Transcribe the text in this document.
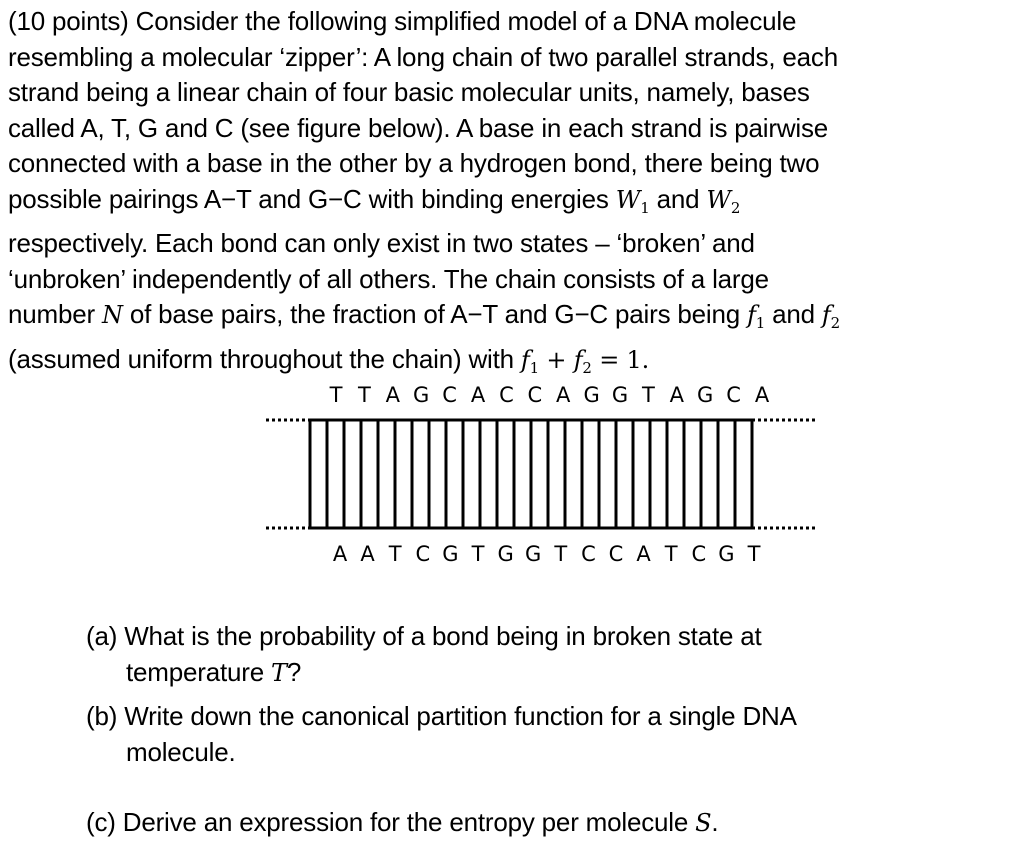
(10 points) Consider the following simplified model of a DNA molecule
resembling a molecular ‘zipper’: A long chain of two parallel strands, each
strand being a linear chain of four basic molecular units, namely, bases
called A, T, G and C (see figure below). A base in each strand is pairwise
connected with a base in the other by a hydrogen bond, there being two
possible pairings A−T and G−C with binding energies $W_1$ and $W_2$
respectively. Each bond can only exist in two states – ‘broken’ and
‘unbroken’ independently of all others. The chain consists of a large
number N of base pairs, the fraction of A−T and G−C pairs being $f_1$ and $f_2$
(assumed uniform throughout the chain) with $f_1 + f_2 = 1$.
T T A G C A C C A G G T A G C A
A A T C G T G G T C C A T C G T
(a) What is the probability of a bond being in broken state at
temperature T?
(b) Write down the canonical partition function for a single DNA
molecule.
(c) Derive an expression for the entropy per molecule S.
